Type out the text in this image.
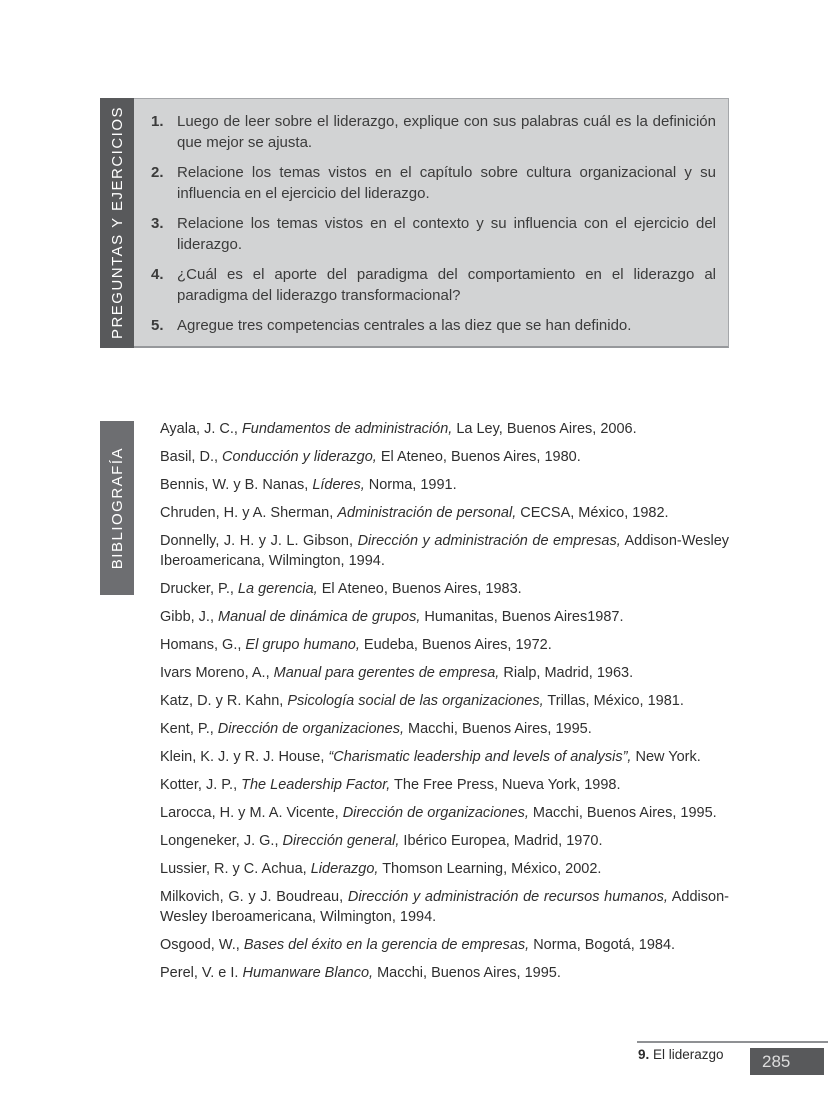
PREGUNTAS Y EJERCICIOS 1. Luego de leer sobre el liderazgo, explique con sus palabras cuál es la definición que mejor se ajusta.
2. Relacione los temas vistos en el capítulo sobre cultura organizacional y su influencia en el ejercicio del liderazgo.
3. Relacione los temas vistos en el contexto y su influencia con el ejercicio del liderazgo.
4. ¿Cuál es el aporte del paradigma del comportamiento en el liderazgo al paradigma del liderazgo transformacional?
5. Agregue tres competencias centrales a las diez que se han definido.
BIBLIOGRAFÍA

Ayala, J. C., Fundamentos de administración, La Ley, Buenos Aires, 2006.

Basil, D., Conducción y liderazgo, El Ateneo, Buenos Aires, 1980.

Bennis, W. y B. Nanas, Líderes, Norma, 1991.

Chruden, H. y A. Sherman, Administración de personal, CECSA, México, 1982.

Donnelly, J. H. y J. L. Gibson, Dirección y administración de empresas, Addison-Wesley Iberoamericana, Wilmington, 1994.

Drucker, P., La gerencia, El Ateneo, Buenos Aires, 1983.

Gibb, J., Manual de dinámica de grupos, Humanitas, Buenos Aires1987.

Homans, G., El grupo humano, Eudeba, Buenos Aires, 1972.

Ivars Moreno, A., Manual para gerentes de empresa, Rialp, Madrid, 1963.

Katz, D. y R. Kahn, Psicología social de las organizaciones, Trillas, México, 1981.

Kent, P., Dirección de organizaciones, Macchi, Buenos Aires, 1995.

Klein, K. J. y R. J. House, “Charismatic leadership and levels of analysis”, New York.

Kotter, J. P., The Leadership Factor, The Free Press, Nueva York, 1998.

Larocca, H. y M. A. Vicente, Dirección de organizaciones, Macchi, Buenos Aires, 1995.

Longeneker, J. G., Dirección general, Ibérico Europea, Madrid, 1970.

Lussier, R. y C. Achua, Liderazgo, Thomson Learning, México, 2002.

Milkovich, G. y J. Boudreau, Dirección y administración de recursos humanos, Addison-Wesley Iberoamericana, Wilmington, 1994.

Osgood, W., Bases del éxito en la gerencia de empresas, Norma, Bogotá, 1984.

Perel, V. e I. Humanware Blanco, Macchi, Buenos Aires, 1995.

9. El liderazgo 285
